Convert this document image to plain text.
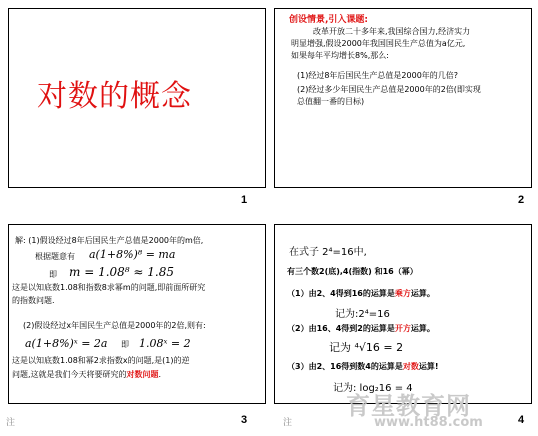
对数的概念
1
创设情景,引入课题:
改革开放二十多年来,我国综合国力,经济实力
明显增强,假设2000年我国国民生产总值为a亿元,
如果每年平均增长8%,那么:
(1)经过8年后国民生产总值是2000年的几倍?
(2)经过多少年国民生产总值是2000年的2倍(即实现
总值翻一番的目标)
2
解: (1)假设经过8年后国民生产总值是2000年的m倍,
根据题意有 a(1+8%)⁸ = ma
即 m = 1.08⁸ ≈ 1.85
这是以知底数1.08和指数8求幂m的问题,即前面所研究
的指数问题.
(2)假设经过x年国民生产总值是2000年的2倍,则有:
a(1+8%)ˣ = 2a 即 1.08ˣ = 2
这是以知底数1.08和幂2求指数x的问题,是(1)的逆
问题,这就是我们今天将要研究的对数问题.
3
注
在式子 2⁴=16中,
有三个数2(底),4(指数) 和16（幂）
（1）由2、4得到16的运算是乘方运算。
记为:2⁴=16
（2）由16、4得到2的运算是开方运算。
记为 ⁴√16 = 2
（3）由2、16得到数4的运算是对数运算!
记为: log₂16 = 4
4
注
育星教育网
www.ht88.com
